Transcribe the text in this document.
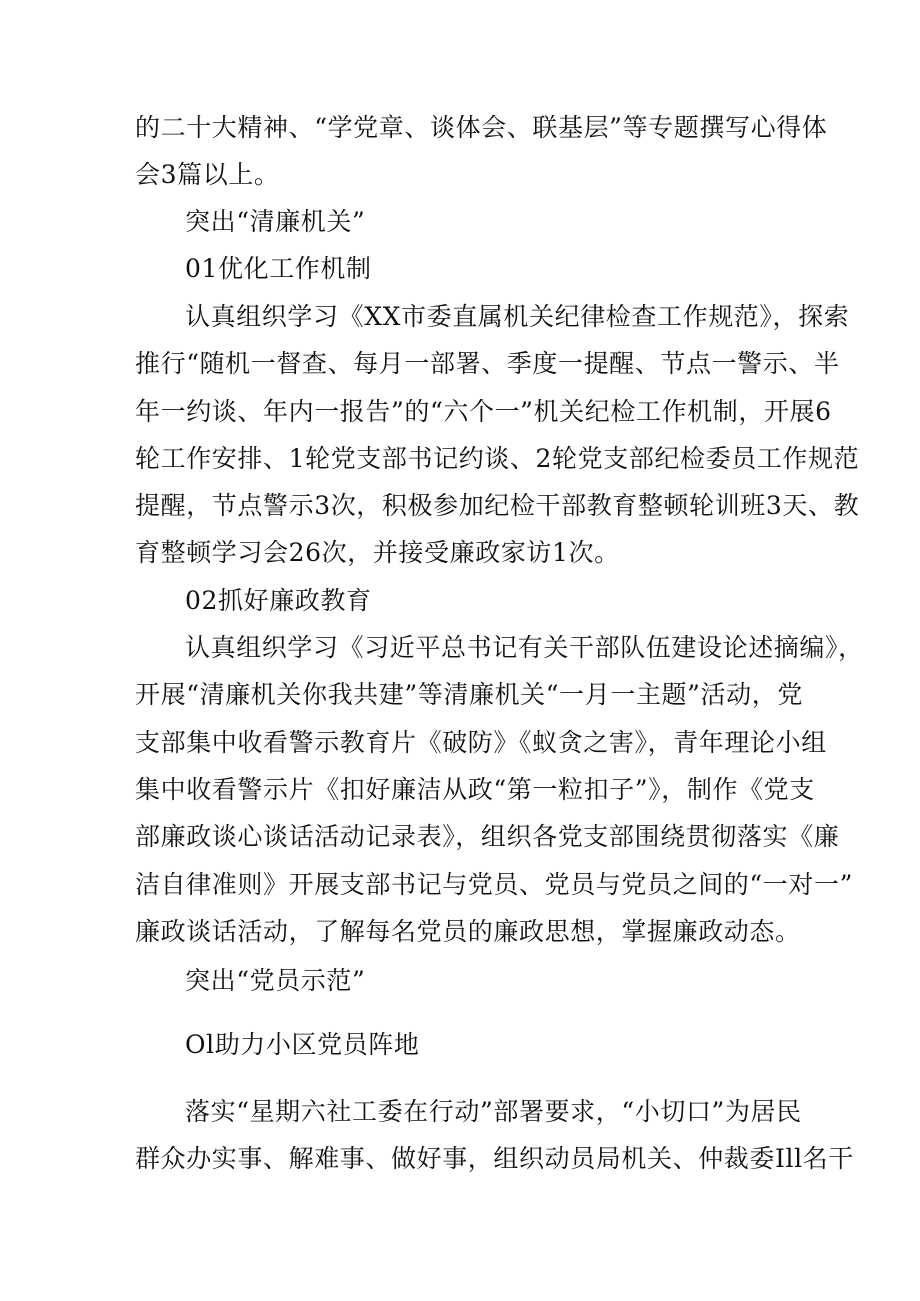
的二十大精神、“学党章、谈体会、联基层”等专题撰写心得体
会3篇以上。
突出“清廉机关”
01优化工作机制
认真组织学习《XX市委直属机关纪律检查工作规范》，探索
推行“随机一督查、每月一部署、季度一提醒、节点一警示、半
年一约谈、年内一报告”的“六个一”机关纪检工作机制，开展6
轮工作安排、1轮党支部书记约谈、2轮党支部纪检委员工作规范
提醒，节点警示3次，积极参加纪检干部教育整顿轮训班3天、教
育整顿学习会26次，并接受廉政家访1次。
02抓好廉政教育
认真组织学习《习近平总书记有关干部队伍建设论述摘编》，
开展“清廉机关你我共建”等清廉机关“一月一主题”活动，党
支部集中收看警示教育片《破防》《蚁贪之害》，青年理论小组
集中收看警示片《扣好廉洁从政“第一粒扣子”》，制作《党支
部廉政谈心谈话活动记录表》，组织各党支部围绕贯彻落实《廉
洁自律准则》开展支部书记与党员、党员与党员之间的“一对一”
廉政谈话活动，了解每名党员的廉政思想，掌握廉政动态。
突出“党员示范”
Ol助力小区党员阵地
落实“星期六社工委在行动”部署要求，“小切口”为居民
群众办实事、解难事、做好事，组织动员局机关、仲裁委Ill名干
